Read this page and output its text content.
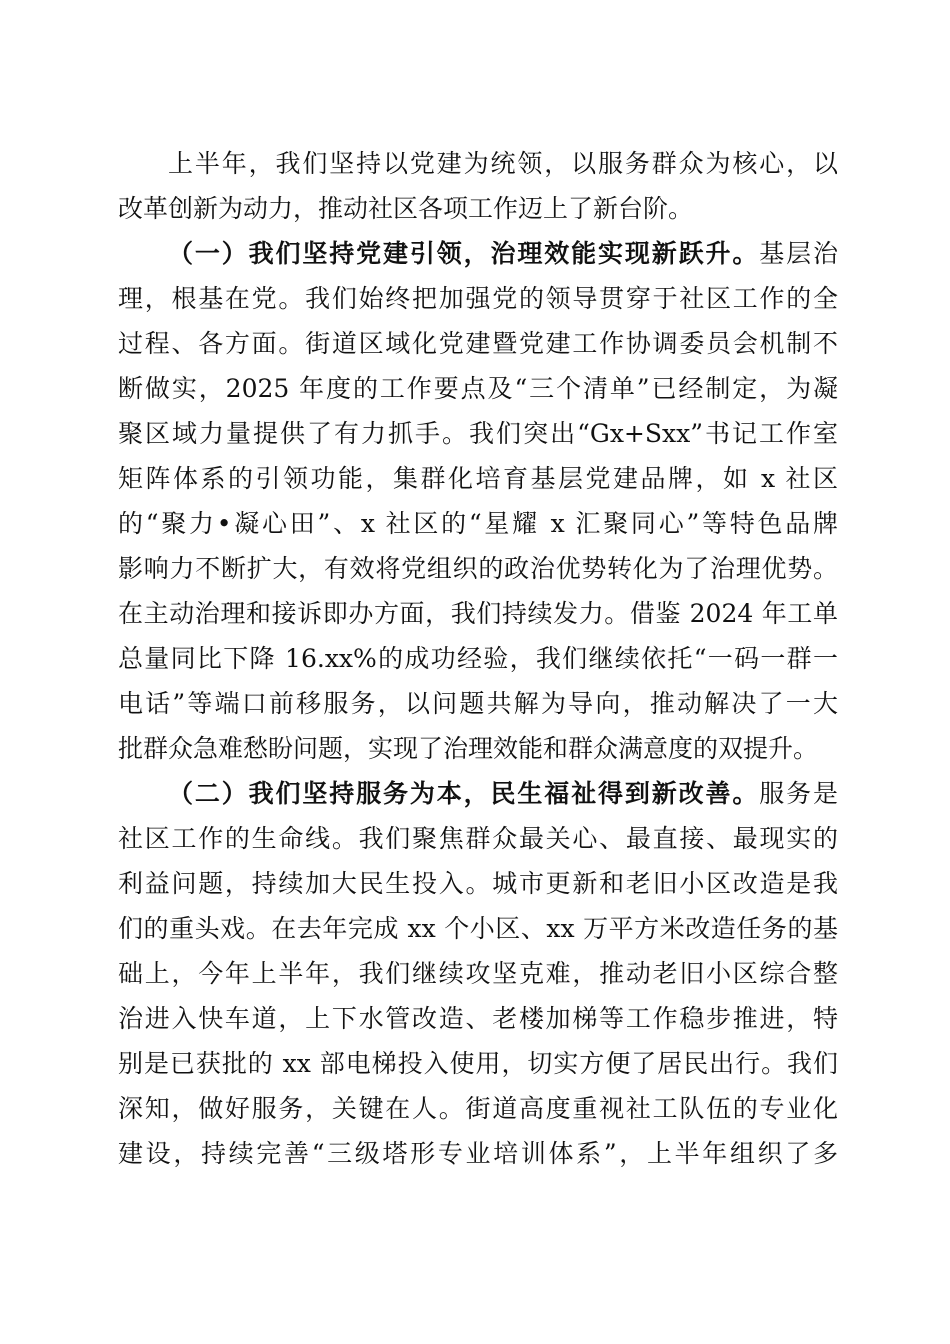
上半年，我们坚持以党建为统领，以服务群众为核心，以
改革创新为动力，推动社区各项工作迈上了新台阶。
（一）我们坚持党建引领，治理效能实现新跃升。基层治
理，根基在党。我们始终把加强党的领导贯穿于社区工作的全
过程、各方面。街道区域化党建暨党建工作协调委员会机制不
断做实，2025 年度的工作要点及“三个清单”已经制定，为凝
聚区域力量提供了有力抓手。我们突出“Gx+Sxx”书记工作室
矩阵体系的引领功能，集群化培育基层党建品牌，如 x 社区
的“聚力•凝心田”、x 社区的“星耀 x 汇聚同心”等特色品牌
影响力不断扩大，有效将党组织的政治优势转化为了治理优势。
在主动治理和接诉即办方面，我们持续发力。借鉴 2024 年工单
总量同比下降 16.xx%的成功经验，我们继续依托“一码一群一
电话”等端口前移服务，以问题共解为导向，推动解决了一大
批群众急难愁盼问题，实现了治理效能和群众满意度的双提升。
（二）我们坚持服务为本，民生福祉得到新改善。服务是
社区工作的生命线。我们聚焦群众最关心、最直接、最现实的
利益问题，持续加大民生投入。城市更新和老旧小区改造是我
们的重头戏。在去年完成 xx 个小区、xx 万平方米改造任务的基
础上，今年上半年，我们继续攻坚克难，推动老旧小区综合整
治进入快车道，上下水管改造、老楼加梯等工作稳步推进，特
别是已获批的 xx 部电梯投入使用，切实方便了居民出行。我们
深知，做好服务，关键在人。街道高度重视社工队伍的专业化
建设，持续完善“三级塔形专业培训体系”，上半年组织了多
